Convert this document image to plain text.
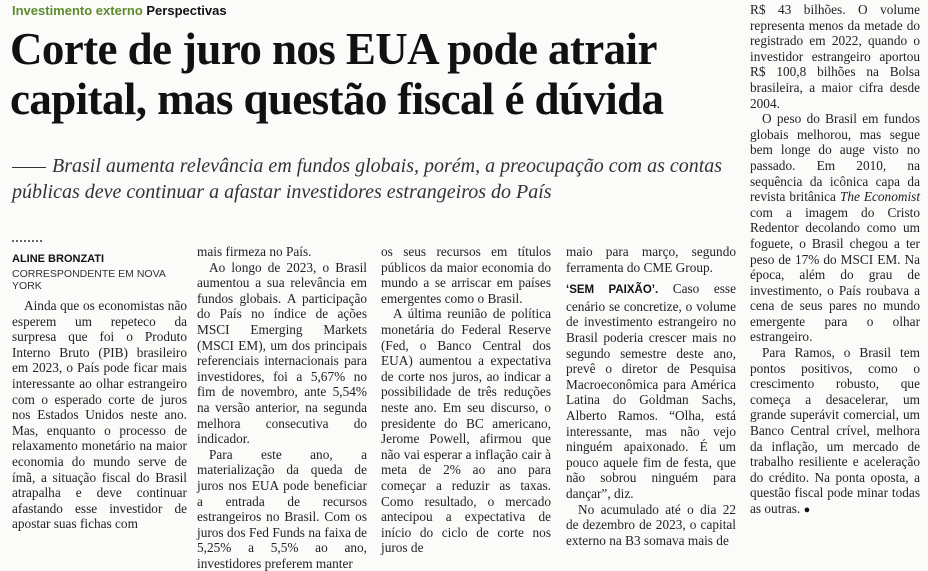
Investimento externo Perspectivas
Corte de juro nos EUA pode atrair capital, mas questão fiscal é dúvida

Brasil aumenta relevância em fundos globais, porém, a preocupação com as contas públicas deve continuar a afastar investidores estrangeiros do País

ALINE BRONZATI
CORRESPONDENTE EM NOVA YORK

Ainda que os economistas não esperem um repeteco da surpresa que foi o Produto Interno Bruto (PIB) brasileiro em 2023, o País pode ficar mais interessante ao olhar estrangeiro com o esperado corte de juros nos Estados Unidos neste ano. Mas, enquanto o processo de relaxamento monetário na maior economia do mundo serve de ímã, a situação fiscal do Brasil atrapalha e deve continuar afastando esse investidor de apostar suas fichas com

mais firmeza no País.

Ao longo de 2023, o Brasil aumentou a sua relevância em fundos globais. A participação do País no índice de ações MSCI Emerging Markets (MSCI EM), um dos principais referenciais internacionais para investidores, foi a 5,67% no fim de novembro, ante 5,54% na versão anterior, na segunda melhora consecutiva do indicador.

Para este ano, a materialização da queda de juros nos EUA pode beneficiar a entrada de recursos estrangeiros no Brasil. Com os juros dos Fed Funds na faixa de 5,25% a 5,5% ao ano, investidores preferem manter

os seus recursos em títulos públicos da maior economia do mundo a se arriscar em países emergentes como o Brasil.

A última reunião de política monetária do Federal Reserve (Fed, o Banco Central dos EUA) aumentou a expectativa de corte nos juros, ao indicar a possibilidade de três reduções neste ano. Em seu discurso, o presidente do BC americano, Jerome Powell, afirmou que não vai esperar a inflação cair à meta de 2% ao ano para começar a reduzir as taxas. Como resultado, o mercado antecipou a expectativa de início do ciclo de corte nos juros de

maio para março, segundo ferramenta do CME Group.

‘SEM PAIXÃO’. Caso esse cenário se concretize, o volume de investimento estrangeiro no Brasil poderia crescer mais no segundo semestre deste ano, prevê o diretor de Pesquisa Macroeconômica para América Latina do Goldman Sachs, Alberto Ramos. “Olha, está interessante, mas não vejo ninguém apaixonado. É um pouco aquele fim de festa, que não sobrou ninguém para dançar”, diz.

No acumulado até o dia 22 de dezembro de 2023, o capital externo na B3 somava mais de

R$ 43 bilhões. O volume representa menos da metade do registrado em 2022, quando o investidor estrangeiro aportou R$ 100,8 bilhões na Bolsa brasileira, a maior cifra desde 2004.

O peso do Brasil em fundos globais melhorou, mas segue bem longe do auge visto no passado. Em 2010, na sequência da icônica capa da revista britânica The Economist com a imagem do Cristo Redentor decolando como um foguete, o Brasil chegou a ter peso de 17% do MSCI EM. Na época, além do grau de investimento, o País roubava a cena de seus pares no mundo emergente para o olhar estrangeiro.

Para Ramos, o Brasil tem pontos positivos, como o crescimento robusto, que começa a desacelerar, um grande superávit comercial, um Banco Central crível, melhora da inflação, um mercado de trabalho resiliente e aceleração do crédito. Na ponta oposta, a questão fiscal pode minar todas as outras. ●
